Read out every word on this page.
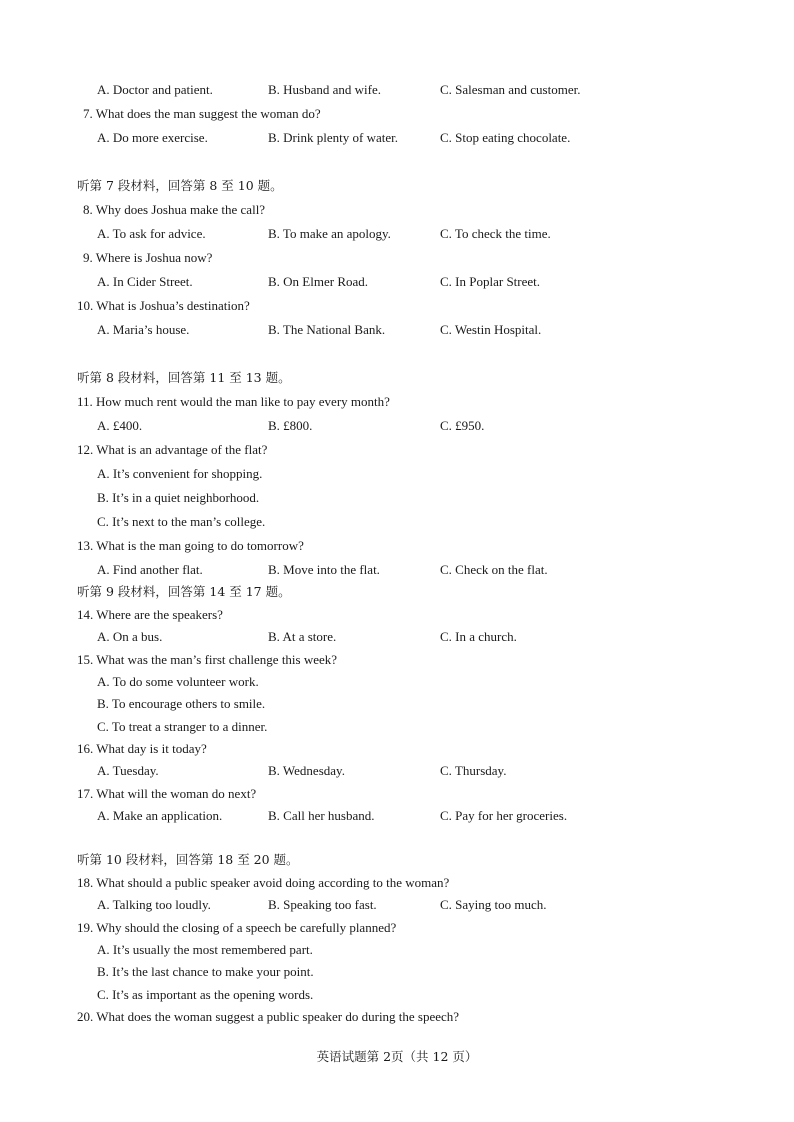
A. Doctor and patient.	B. Husband and wife.	C. Salesman and customer.
7. What does the man suggest the woman do?
A. Do more exercise.	B. Drink plenty of water.	C. Stop eating chocolate.
听第 7 段材料，回答第 8 至 10 题。
8. Why does Joshua make the call?
A. To ask for advice.	B. To make an apology.	C. To check the time.
9. Where is Joshua now?
A. In Cider Street.	B. On Elmer Road.	C. In Poplar Street.
10. What is Joshua’s destination?
A. Maria’s house.	B. The National Bank.	C. Westin Hospital.
听第 8 段材料，回答第 11 至 13 题。
11. How much rent would the man like to pay every month?
A. £400.	B. £800.	C. £950.
12. What is an advantage of the flat?
A. It’s convenient for shopping.
B. It’s in a quiet neighborhood.
C. It’s next to the man’s college.
13. What is the man going to do tomorrow?
A. Find another flat.	B. Move into the flat.	C. Check on the flat.
听第 9 段材料，回答第 14 至 17 题。
14. Where are the speakers?
A. On a bus.	B. At a store.	C. In a church.
15. What was the man’s first challenge this week?
A. To do some volunteer work.
B. To encourage others to smile.
C. To treat a stranger to a dinner.
16. What day is it today?
A. Tuesday.	B. Wednesday.	C. Thursday.
17. What will the woman do next?
A. Make an application.	B. Call her husband.	C. Pay for her groceries.
听第 10 段材料，回答第 18 至 20 题。
18. What should a public speaker avoid doing according to the woman?
A. Talking too loudly.	B. Speaking too fast.	C. Saying too much.
19. Why should the closing of a speech be carefully planned?
A. It’s usually the most remembered part.
B. It’s the last chance to make your point.
C. It’s as important as the opening words.
20. What does the woman suggest a public speaker do during the speech?
英语试题第 2页（共 12 页）
